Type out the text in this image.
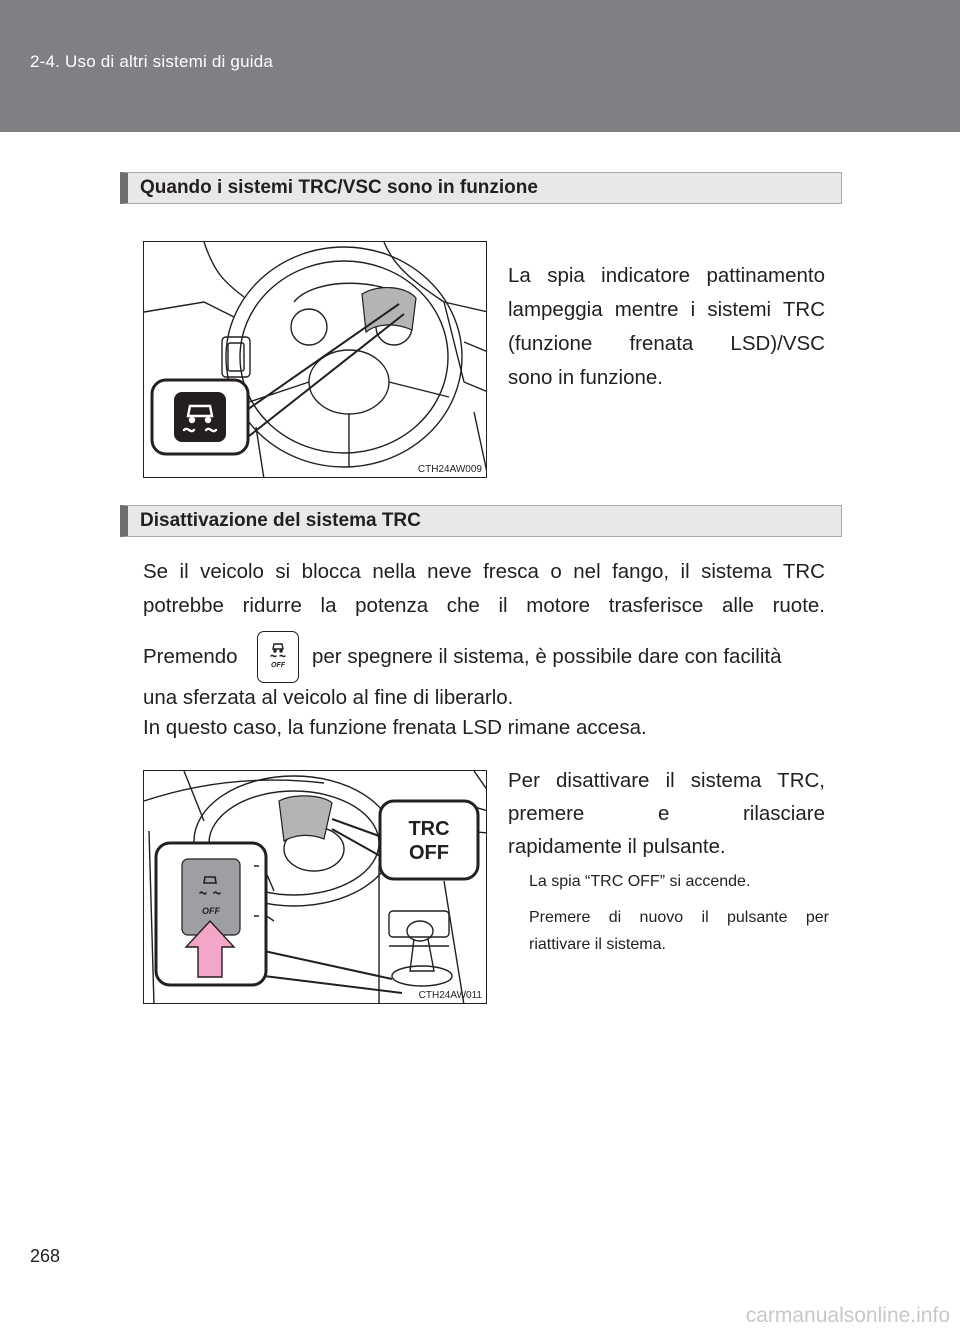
2-4. Uso di altri sistemi di guida
Quando i sistemi TRC/VSC sono in funzione
CTH24AW009
La spia indicatore pattinamento
lampeggia mentre i sistemi TRC
(funzione frenata LSD)/VSC
sono in funzione.
Disattivazione del sistema TRC
Se il veicolo si blocca nella neve fresca o nel fango, il sistema TRC
potrebbe ridurre la potenza che il motore trasferisce alle ruote.
Premendo	OFF per spegnere il sistema, è possibile dare con facilità
una sferzata al veicolo al fine di liberarlo.
In questo caso, la funzione frenata LSD rimane accesa.
TRC
OFF
OFF
CTH24AW011
Per disattivare il sistema TRC,
premere e rilasciare
rapidamente il pulsante.
La spia “TRC OFF” si accende.
Premere di nuovo il pulsante per
riattivare il sistema.
268
carmanualsonline.info
